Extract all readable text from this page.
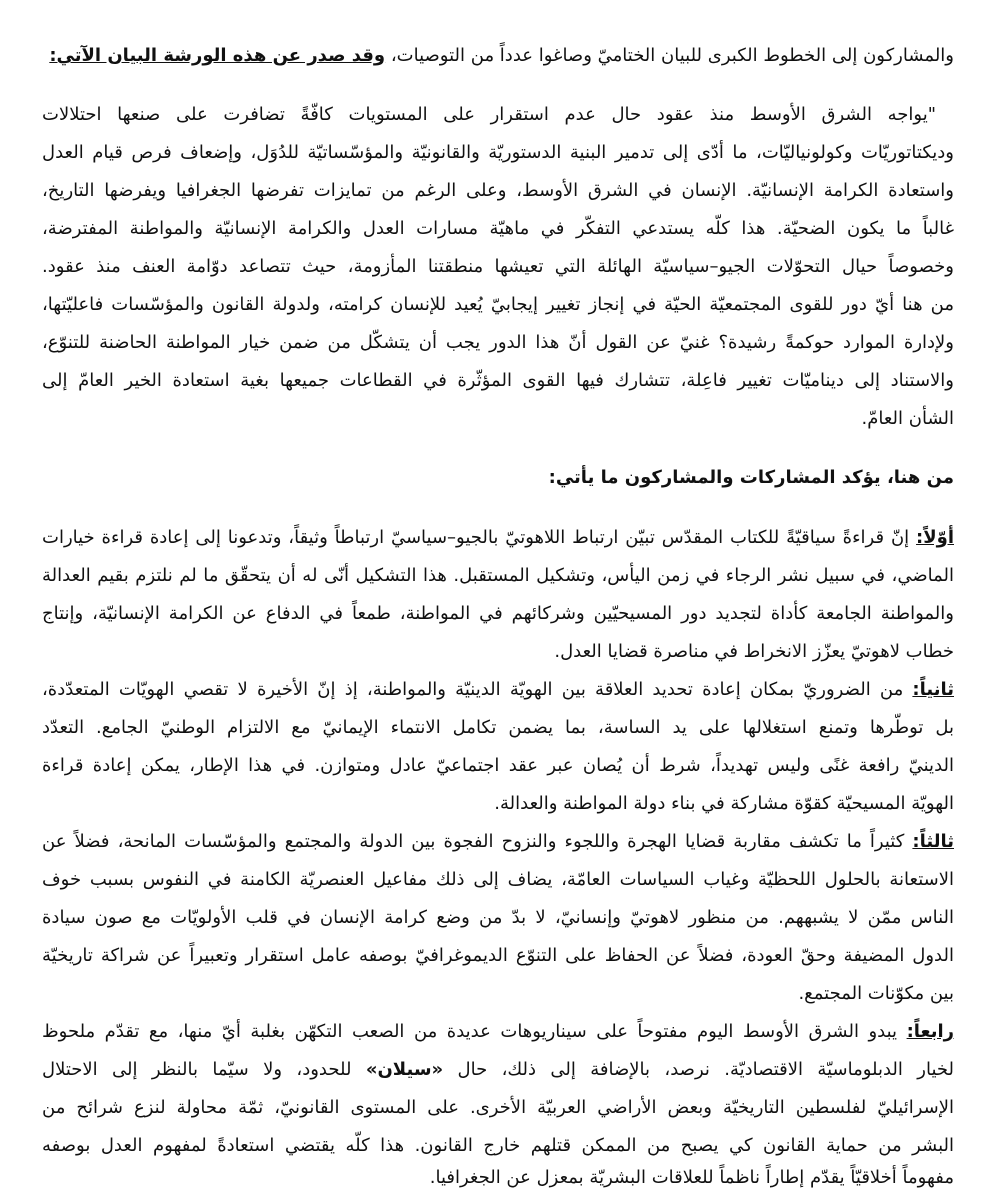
والمشاركون إلى الخطوط الكبرى للبيان الختاميّ وصاغوا عدداً من التوصيات، وقد صدر عن هذه الورشة البيان الآتي:
"يواجه الشرق الأوسط منذ عقود حال عدم استقرار على المستويات كافّةً تضافرت على صنعها احتلالات
وديكتاتوريّات وكولونياليّات، ما أدّى إلى تدمير البنية الدستوريّة والقانونيّة والمؤسّساتيّة للدُوَل، وإضعاف فرص قيام العدل
واستعادة الكرامة الإنسانيّة. الإنسان في الشرق الأوسط، وعلى الرغم من تمايزات تفرضها الجغرافيا ويفرضها التاريخ،
غالباً ما يكون الضحيّة. هذا كلّه يستدعي التفكّر في ماهيّة مسارات العدل والكرامة الإنسانيّة والمواطنة المفترضة،
وخصوصاً حيال التحوّلات الجيو–سياسيّة الهائلة التي تعيشها منطقتنا المأزومة، حيث تتصاعد دوّامة العنف منذ عقود.
من هنا أيّ دور للقوى المجتمعيّة الحيّة في إنجاز تغيير إيجابيّ يُعيد للإنسان كرامته، ولدولة القانون والمؤسّسات فاعليّتها،
ولإدارة الموارد حوكمةً رشيدة؟ غنيّ عن القول أنّ هذا الدور يجب أن يتشكّل من ضمن خيار المواطنة الحاضنة للتنوّع،
والاستناد إلى ديناميّات تغيير فاعِلة، تتشارك فيها القوى المؤثّرة في القطاعات جميعها بغية استعادة الخير العامّ إلى
الشأن العامّ.
من هنا، يؤكد المشاركات والمشاركون ما يأتي:
أوّلاً: إنّ قراءةً سياقيّةً للكتاب المقدّس تبيّن ارتباط اللاهوتيّ بالجيو–سياسيّ ارتباطاً وثيقاً، وتدعونا إلى إعادة قراءة خيارات
الماضي، في سبيل نشر الرجاء في زمن اليأس، وتشكيل المستقبل. هذا التشكيل أنّى له أن يتحقّق ما لم نلتزم بقيم العدالة
والمواطنة الجامعة كأداة لتجديد دور المسيحيّين وشركائهم في المواطنة، طمعاً في الدفاع عن الكرامة الإنسانيّة، وإنتاج
خطاب لاهوتيّ يعزّز الانخراط في مناصرة قضايا العدل.
ثانياً: من الضروريّ بمكان إعادة تحديد العلاقة بين الهويّة الدينيّة والمواطنة، إذ إنّ الأخيرة لا تقصي الهويّات المتعدّدة،
بل توطّرها وتمنع استغلالها على يد الساسة، بما يضمن تكامل الانتماء الإيمانيّ مع الالتزام الوطنيّ الجامع. التعدّد
الدينيّ رافعة غنًى وليس تهديداً، شرط أن يُصان عبر عقد اجتماعيّ عادل ومتوازن. في هذا الإطار، يمكن إعادة قراءة
الهويّة المسيحيّة كقوّة مشاركة في بناء دولة المواطنة والعدالة.
ثالثاً: كثيراً ما تكشف مقاربة قضايا الهجرة واللجوء والنزوح الفجوة بين الدولة والمجتمع والمؤسّسات المانحة، فضلاً عن
الاستعانة بالحلول اللحظيّة وغياب السياسات العامّة، يضاف إلى ذلك مفاعيل العنصريّة الكامنة في النفوس بسبب خوف
الناس ممّن لا يشبههم. من منظور لاهوتيّ وإنسانيّ، لا بدّ من وضع كرامة الإنسان في قلب الأولويّات مع صون سيادة
الدول المضيفة وحقّ العودة، فضلاً عن الحفاظ على التنوّع الديموغرافيّ بوصفه عامل استقرار وتعبيراً عن شراكة تاريخيّة
بين مكوّنات المجتمع.
رابعاً: يبدو الشرق الأوسط اليوم مفتوحاً على سيناريوهات عديدة من الصعب التكهّن بغلبة أيّ منها، مع تقدّم ملحوظ
لخيار الدبلوماسيّة الاقتصاديّة. نرصد، بالإضافة إلى ذلك، حال «سيلان» للحدود، ولا سيّما بالنظر إلى الاحتلال
الإسرائيليّ لفلسطين التاريخيّة وبعض الأراضي العربيّة الأخرى. على المستوى القانونيّ، ثمّة محاولة لنزع شرائح من
البشر من حماية القانون كي يصبح من الممكن قتلهم خارج القانون. هذا كلّه يقتضي استعادةً لمفهوم العدل بوصفه
مفهوماً أخلاقيّاً يقدّم إطاراً ناظماً للعلاقات البشريّة بمعزل عن الجغرافيا.
